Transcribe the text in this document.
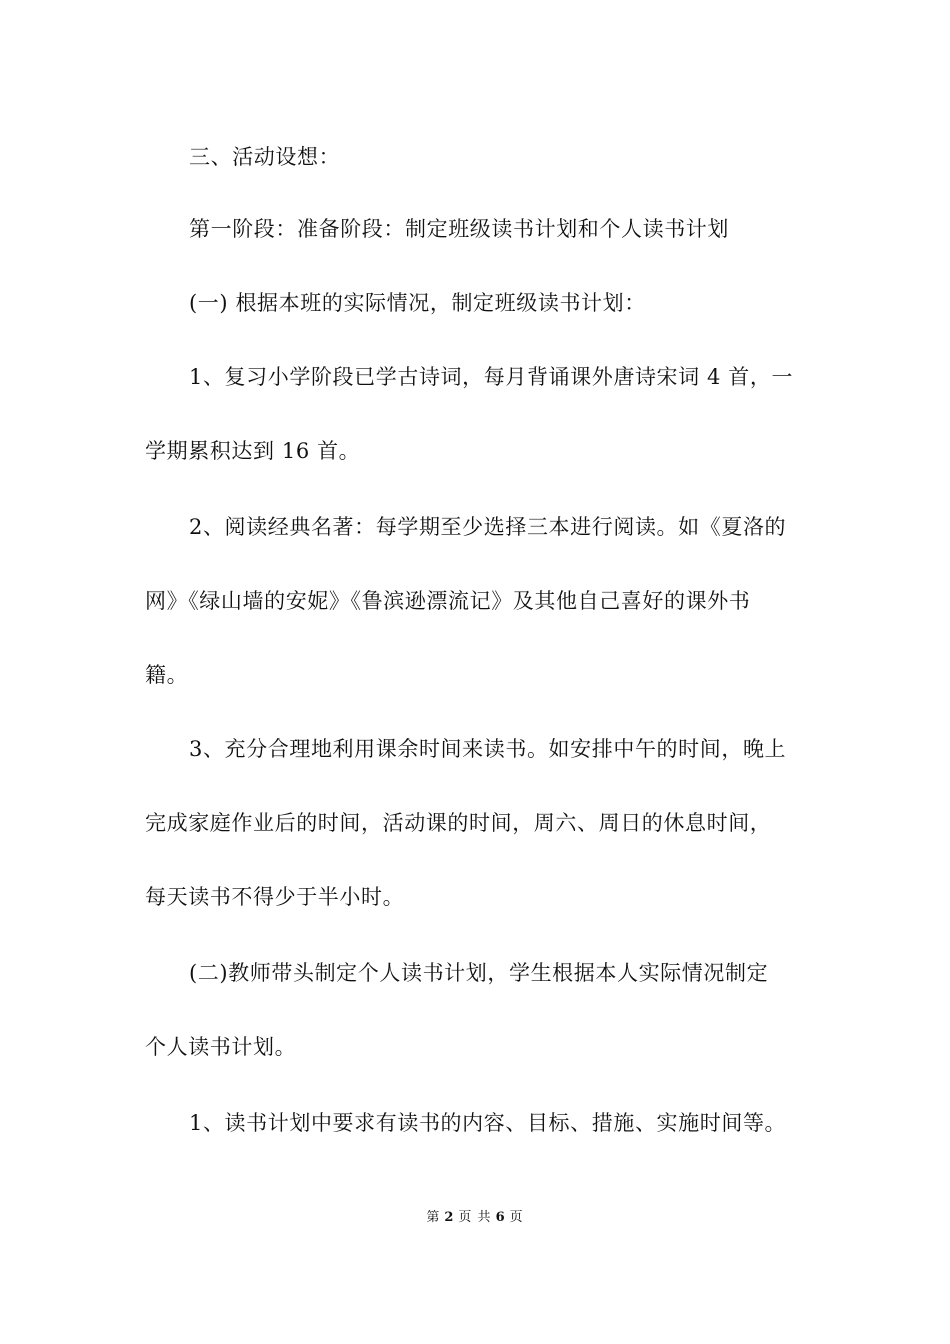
三、活动设想：
第一阶段：准备阶段：制定班级读书计划和个人读书计划
(一) 根据本班的实际情况，制定班级读书计划：
1、复习小学阶段已学古诗词，每月背诵课外唐诗宋词 4 首，一
学期累积达到 16 首。
2、阅读经典名著：每学期至少选择三本进行阅读。如《夏洛的
网》《绿山墙的安妮》《鲁滨逊漂流记》及其他自己喜好的课外书
籍。
3、充分合理地利用课余时间来读书。如安排中午的时间，晚上
完成家庭作业后的时间，活动课的时间，周六、周日的休息时间，
每天读书不得少于半小时。
(二)教师带头制定个人读书计划，学生根据本人实际情况制定
个人读书计划。
1、读书计划中要求有读书的内容、目标、措施、实施时间等。
第 2 页 共 6 页
